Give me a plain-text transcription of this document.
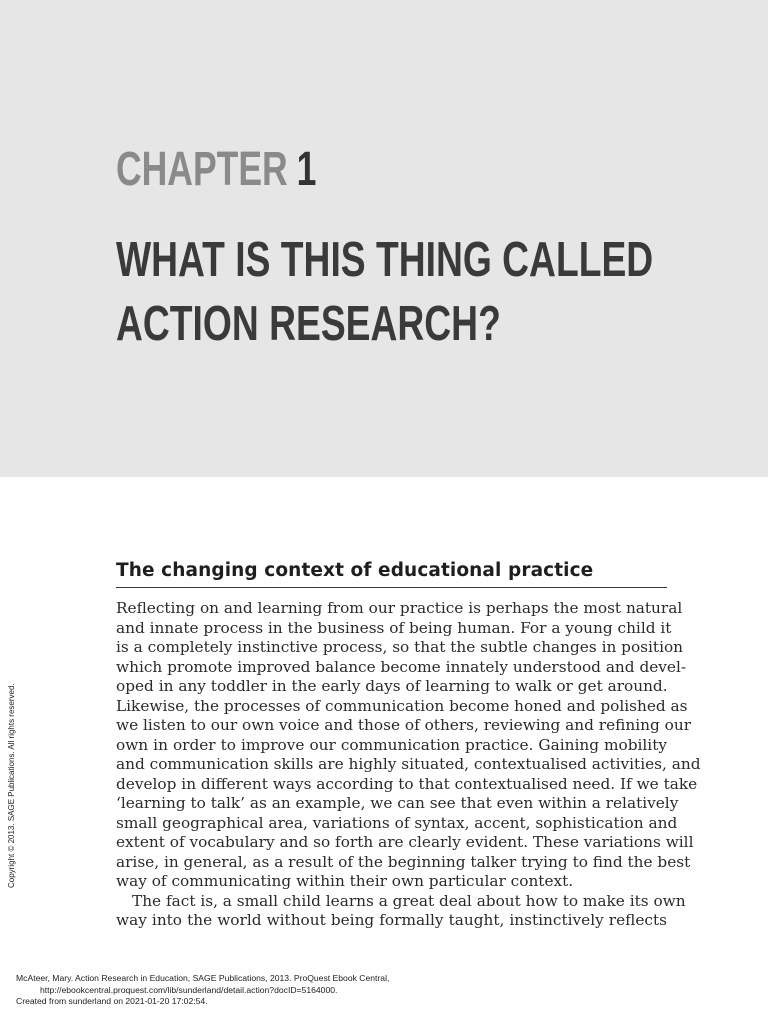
CHAPTER 1
WHAT IS THIS THING CALLED
ACTION RESEARCH?
The changing context of educational practice

Reflecting on and learning from our practice is perhaps the most natural
and innate process in the business of being human. For a young child it
is a completely instinctive process, so that the subtle changes in position
which promote improved balance become innately understood and devel-
oped in any toddler in the early days of learning to walk or get around.
Likewise, the processes of communication become honed and polished as
we listen to our own voice and those of others, reviewing and refining our
own in order to improve our communication practice. Gaining mobility
and communication skills are highly situated, contextualised activities, and
develop in different ways according to that contextualised need. If we take
‘learning to talk’ as an example, we can see that even within a relatively
small geographical area, variations of syntax, accent, sophistication and
extent of vocabulary and so forth are clearly evident. These variations will
arise, in general, as a result of the beginning talker trying to find the best
way of communicating within their own particular context.

The fact is, a small child learns a great deal about how to make its own
way into the world without being formally taught, instinctively reflects

Copyright © 2013. SAGE Publications. All rights reserved.
McAteer, Mary. Action Research in Education, SAGE Publications, 2013. ProQuest Ebook Central,
http://ebookcentral.proquest.com/lib/sunderland/detail.action?docID=5164000.
Created from sunderland on 2021-01-20 17:02:54.
